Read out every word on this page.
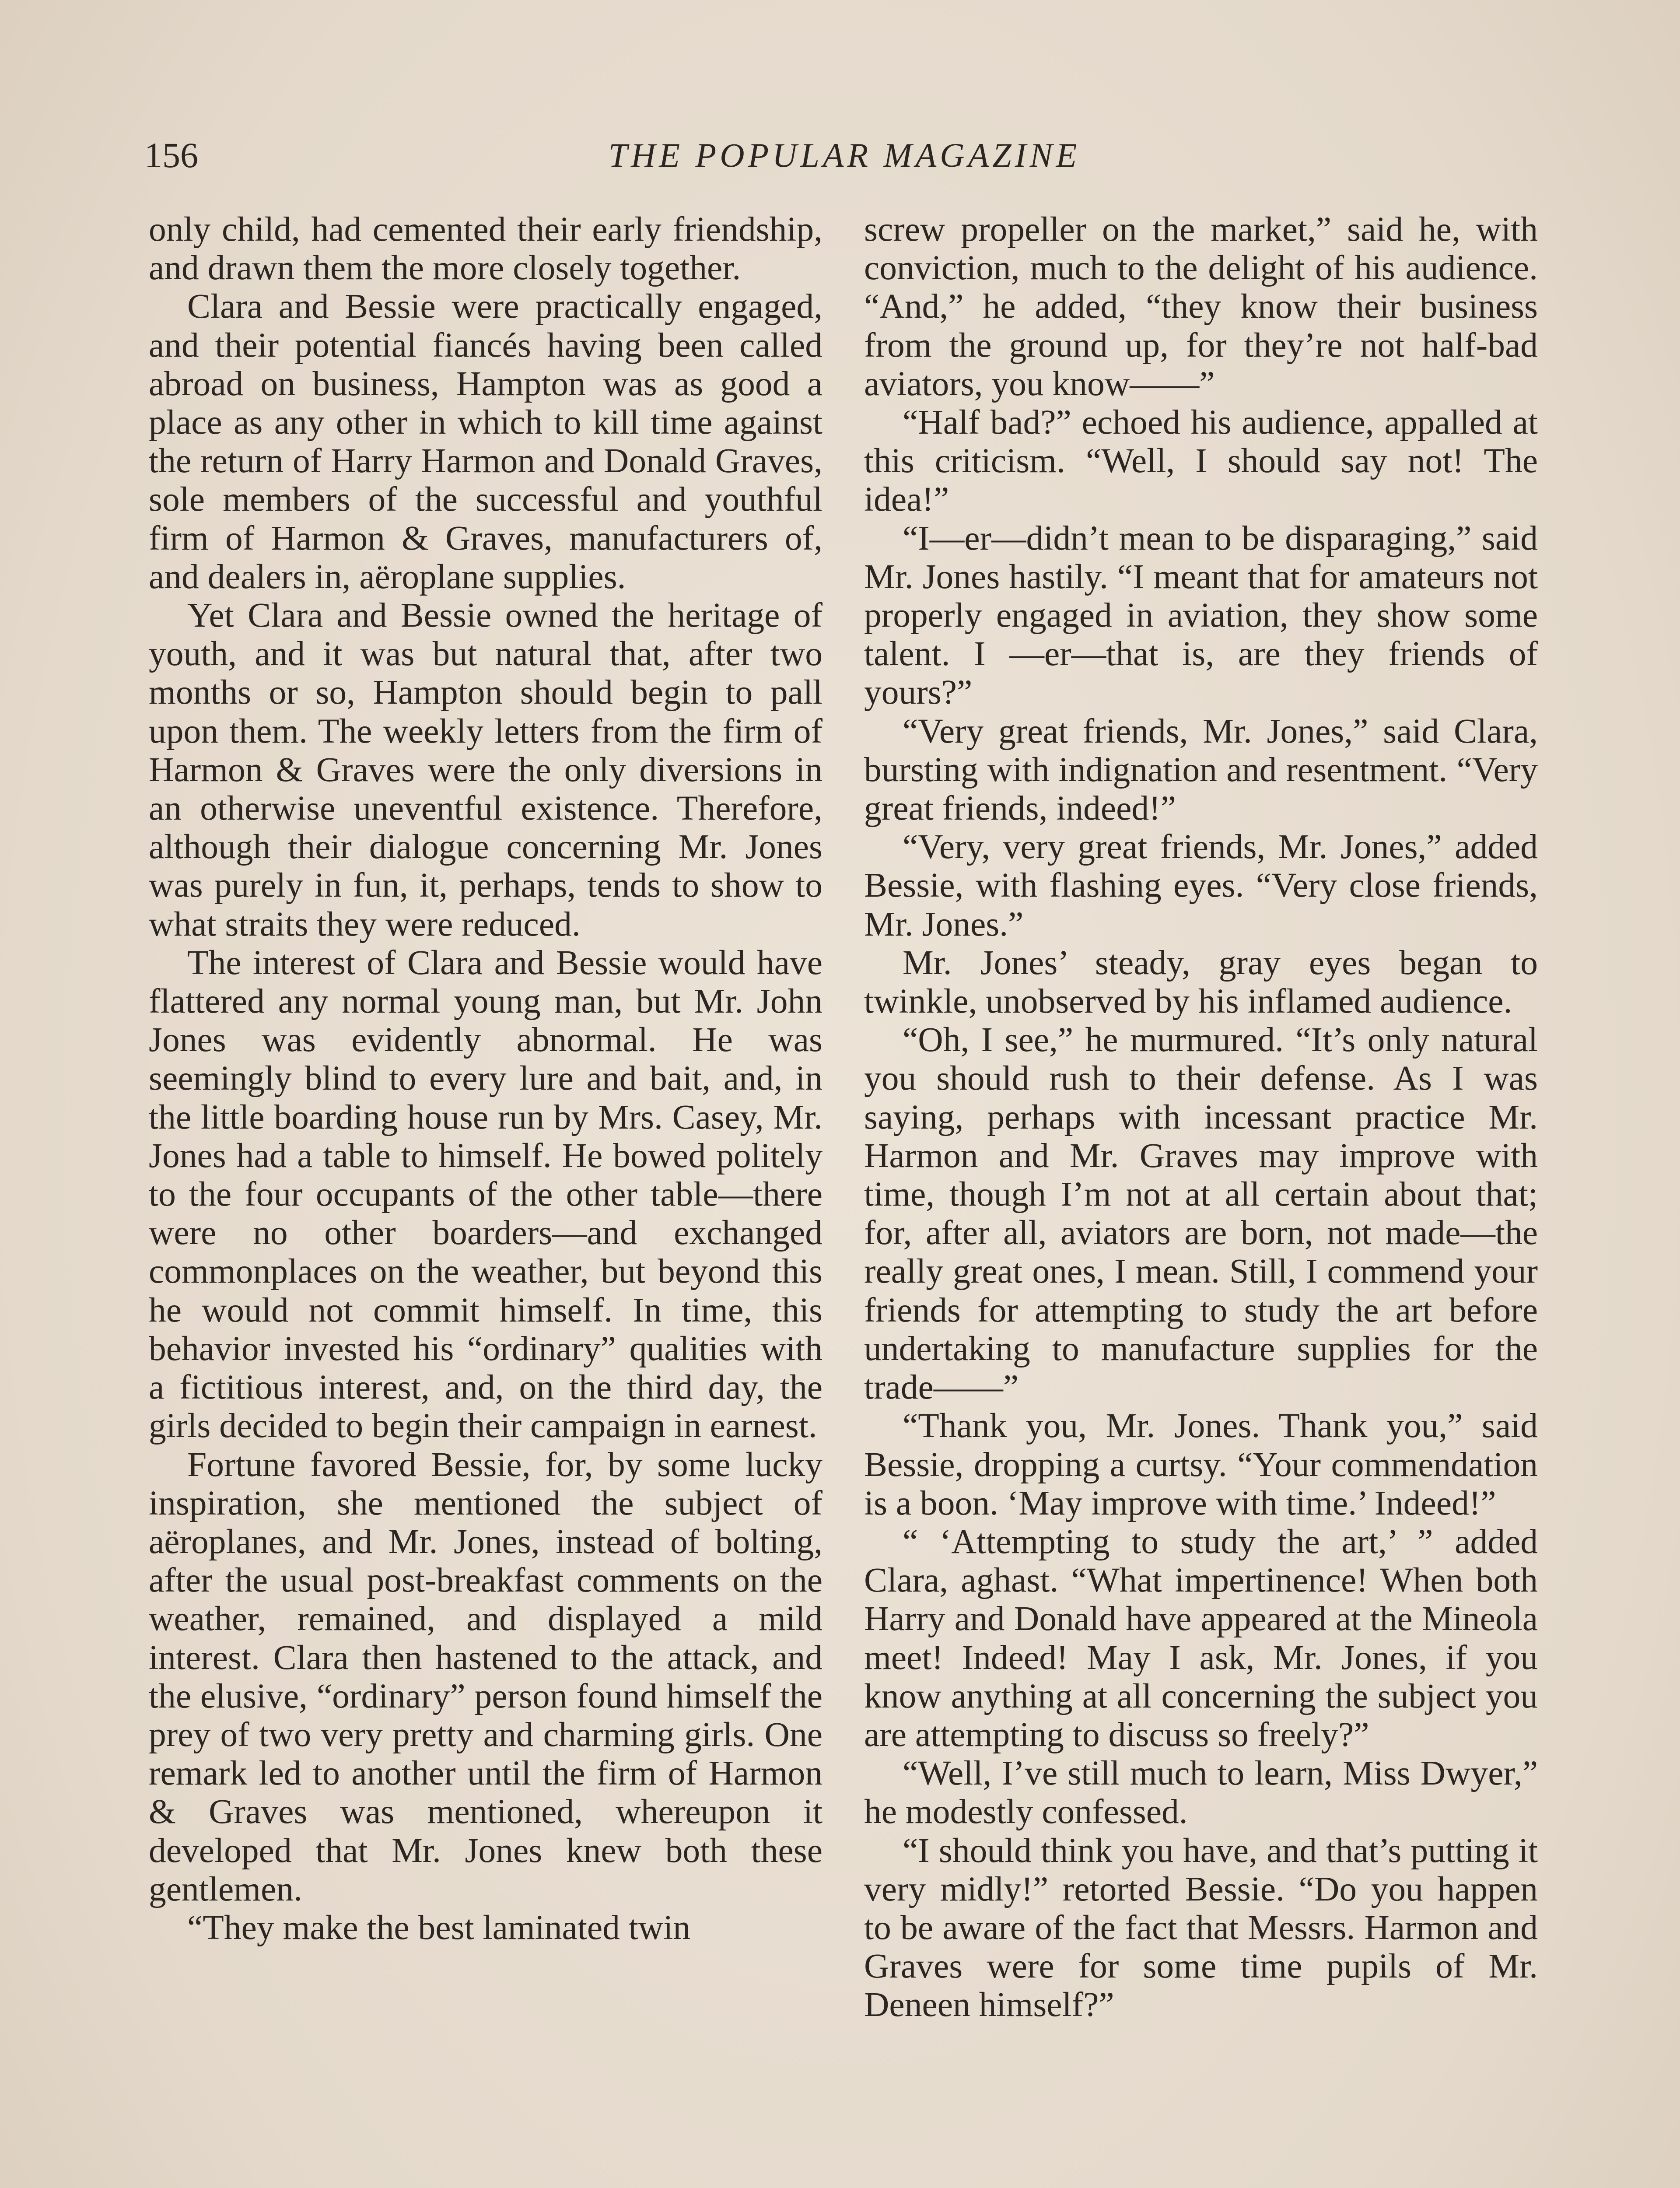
156	THE POPULAR MAGAZINE

only child, had cemented their early friendship, and drawn them the more closely together.

Clara and Bessie were practically engaged, and their potential fiancés having been called abroad on business, Hampton was as good a place as any other in which to kill time against the return of Harry Harmon and Donald Graves, sole members of the successful and youthful firm of Harmon & Graves, manufacturers of, and dealers in, aëroplane supplies.

Yet Clara and Bessie owned the heritage of youth, and it was but natural that, after two months or so, Hampton should begin to pall upon them. The weekly letters from the firm of Harmon & Graves were the only diversions in an otherwise uneventful existence. Therefore, although their dialogue concerning Mr. Jones was purely in fun, it, perhaps, tends to show to what straits they were reduced.

The interest of Clara and Bessie would have flattered any normal young man, but Mr. John Jones was evidently abnormal. He was seemingly blind to every lure and bait, and, in the little boarding house run by Mrs. Casey, Mr. Jones had a table to himself. He bowed politely to the four occupants of the other table—there were no other boarders—and exchanged commonplaces on the weather, but beyond this he would not commit himself. In time, this behavior invested his “ordinary” qualities with a fictitious interest, and, on the third day, the girls decided to begin their campaign in earnest.

Fortune favored Bessie, for, by some lucky inspiration, she mentioned the subject of aëroplanes, and Mr. Jones, instead of bolting, after the usual post-breakfast comments on the weather, remained, and displayed a mild interest. Clara then hastened to the attack, and the elusive, “ordinary” person found himself the prey of two very pretty and charming girls. One remark led to another until the firm of Harmon & Graves was mentioned, whereupon it developed that Mr. Jones knew both these gentlemen.

“They make the best laminated twin

screw propeller on the market,” said he, with conviction, much to the delight of his audience. “And,” he added, “they know their business from the ground up, for they’re not half-bad aviators, you know——”

“Half bad?” echoed his audience, appalled at this criticism. “Well, I should say not! The idea!”

“I—er—didn’t mean to be disparaging,” said Mr. Jones hastily. “I meant that for amateurs not properly engaged in aviation, they show some talent. I —er—that is, are they friends of yours?”

“Very great friends, Mr. Jones,” said Clara, bursting with indignation and resentment. “Very great friends, indeed!”

“Very, very great friends, Mr. Jones,” added Bessie, with flashing eyes. “Very close friends, Mr. Jones.”

Mr. Jones’ steady, gray eyes began to twinkle, unobserved by his inflamed audience.

“Oh, I see,” he murmured. “It’s only natural you should rush to their defense. As I was saying, perhaps with incessant practice Mr. Harmon and Mr. Graves may improve with time, though I’m not at all certain about that; for, after all, aviators are born, not made—the really great ones, I mean. Still, I commend your friends for attempting to study the art before undertaking to manufacture supplies for the trade——”

“Thank you, Mr. Jones. Thank you,” said Bessie, dropping a curtsy. “Your commendation is a boon. ‘May improve with time.’ Indeed!”

“ ‘Attempting to study the art,’ ” added Clara, aghast. “What impertinence! When both Harry and Donald have appeared at the Mineola meet! Indeed! May I ask, Mr. Jones, if you know anything at all concerning the subject you are attempting to discuss so freely?”

“Well, I’ve still much to learn, Miss Dwyer,” he modestly confessed.

“I should think you have, and that’s putting it very midly!” retorted Bessie. “Do you happen to be aware of the fact that Messrs. Harmon and Graves were for some time pupils of Mr. Deneen himself?”
